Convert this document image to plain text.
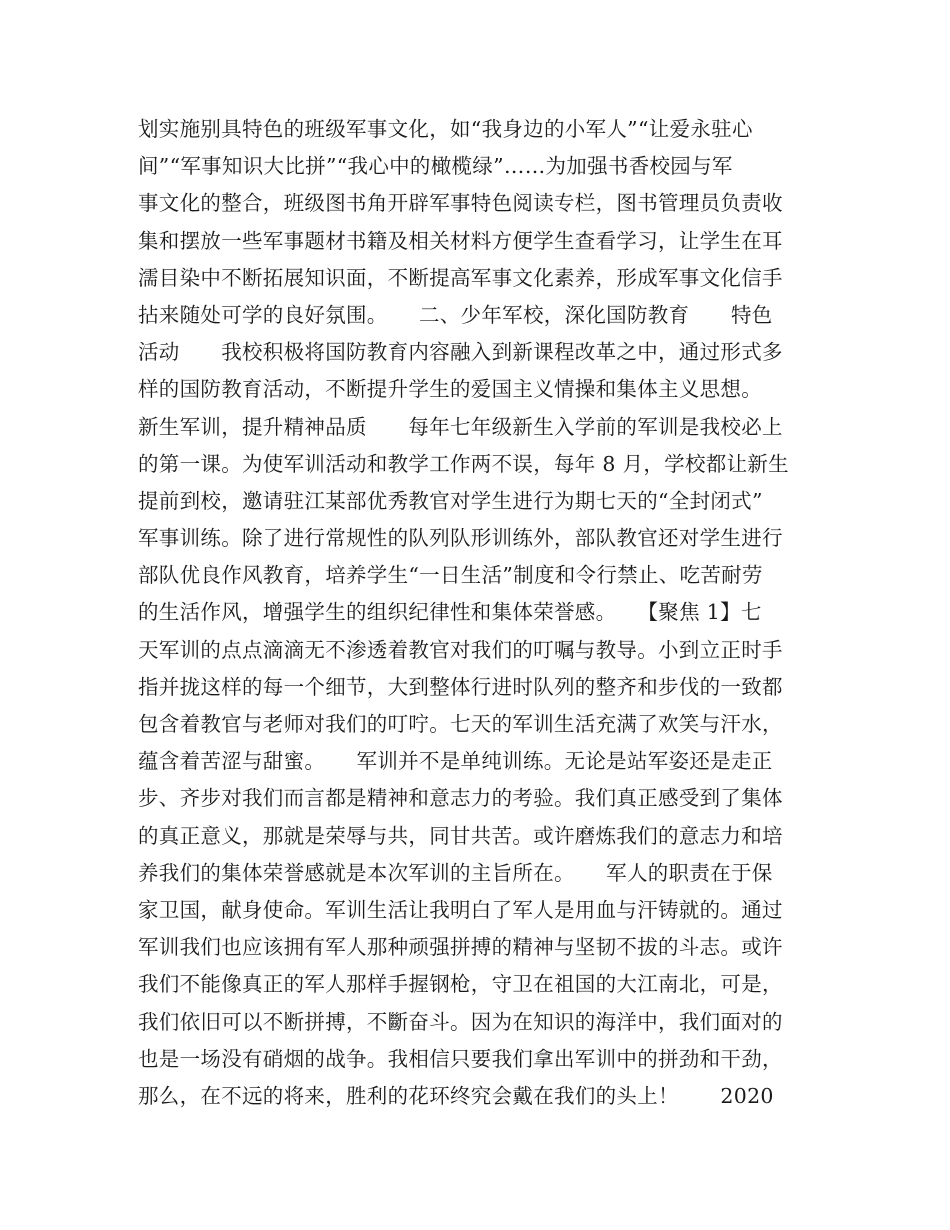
划实施别具特色的班级军事文化，如“我身边的小军人”“让爱永驻心
间”“军事知识大比拼”“我心中的橄榄绿”……为加强书香校园与军
事文化的整合，班级图书角开辟军事特色阅读专栏，图书管理员负责收
集和摆放一些军事题材书籍及相关材料方便学生查看学习，让学生在耳
濡目染中不断拓展知识面，不断提高军事文化素养，形成军事文化信手
拈来随处可学的良好氛围。　　二、少年军校，深化国防教育　　特色
活动　　我校积极将国防教育内容融入到新课程改革之中，通过形式多
样的国防教育活动，不断提升学生的爱国主义情操和集体主义思想。
新生军训，提升精神品质　　每年七年级新生入学前的军训是我校必上
的第一课。为使军训活动和教学工作两不误，每年 8 月，学校都让新生
提前到校，邀请驻江某部优秀教官对学生进行为期七天的“全封闭式”
军事训练。除了进行常规性的队列队形训练外，部队教官还对学生进行
部队优良作风教育，培养学生“一日生活”制度和令行禁止、吃苦耐劳
的生活作风，增强学生的组织纪律性和集体荣誉感。　　【聚焦 1】七
天军训的点点滴滴无不渗透着教官对我们的叮嘱与教导。小到立正时手
指并拢这样的每一个细节，大到整体行进时队列的整齐和步伐的一致都
包含着教官与老师对我们的叮咛。七天的军训生活充满了欢笑与汗水，
蕴含着苦涩与甜蜜。　　军训并不是单纯训练。无论是站军姿还是走正
步、齐步对我们而言都是精神和意志力的考验。我们真正感受到了集体
的真正意义，那就是荣辱与共，同甘共苦。或许磨炼我们的意志力和培
养我们的集体荣誉感就是本次军训的主旨所在。　　军人的职责在于保
家卫国，献身使命。军训生活让我明白了军人是用血与汗铸就的。通过
军训我们也应该拥有军人那种顽强拼搏的精神与坚韧不拔的斗志。或许
我们不能像真正的军人那样手握钢枪，守卫在祖国的大江南北，可是，
我们依旧可以不断拼搏，不斷奋斗。因为在知识的海洋中，我们面对的
也是一场没有硝烟的战争。我相信只要我们拿出军训中的拼劲和干劲，
那么，在不远的将来，胜利的花环终究会戴在我们的头上！　　2020
